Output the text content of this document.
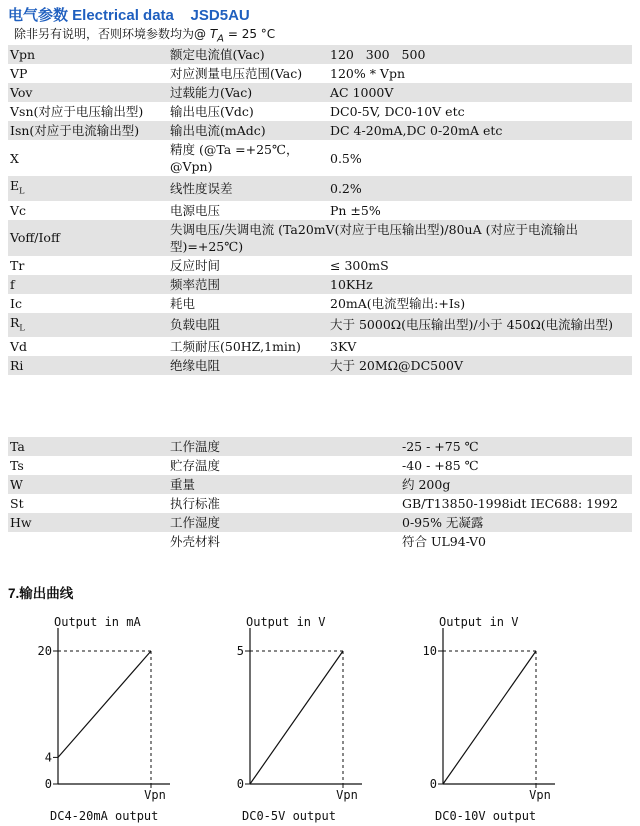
电气参数 Electrical data    JSD5AU
除非另有说明，否则环境参数均为@ $T_A = 25$ °C
Vpn	额定电流值(Vac)	120   300   500
VP	对应测量电压范围(Vac)	120% * Vpn
Vov	过载能力(Vac)	AC 1000V
Vsn(对应于电压输出型)	输出电压(Vdc)	DC0-5V, DC0-10V etc
Isn(对应于电流输出型)	输出电流(mAdc)	DC 4-20mA,DC 0-20mA etc
X	精度 (@Ta =+25℃，@Vpn)	0.5%
$E_L$	线性度误差	0.2%
Vc	电源电压	Pn ±5%
Voff/Ioff	失调电压/失调电流 (Ta20mV(对应于电压输出型)/80uA (对应于电流输出型)=+25℃)	
Tr	反应时间	≤ 300mS
f	频率范围	10KHz
Ic	耗电	20mA(电流型输出:+Is)
$R_L$	负载电阻	大于 5000Ω(电压输出型)/小于 450Ω(电流输出型)
Vd	工频耐压(50HZ,1min)	3KV
Ri	绝缘电阻	大于 20MΩ@DC500V
Ta	工作温度	-25 - +75 ℃
Ts	贮存温度	-40 - +85 ℃
W	重量	约 200g
St	执行标准	GB/T13850-1998idt IEC688: 1992
Hw	工作湿度	0-95% 无凝露
	外壳材料	符合 UL94-V0
7.输出曲线
Output in mA
20
4
0
Vpn
DC4-20mA output
Output in V
5
0
Vpn
DC0-5V output
Output in V
10
0
Vpn
DC0-10V output
